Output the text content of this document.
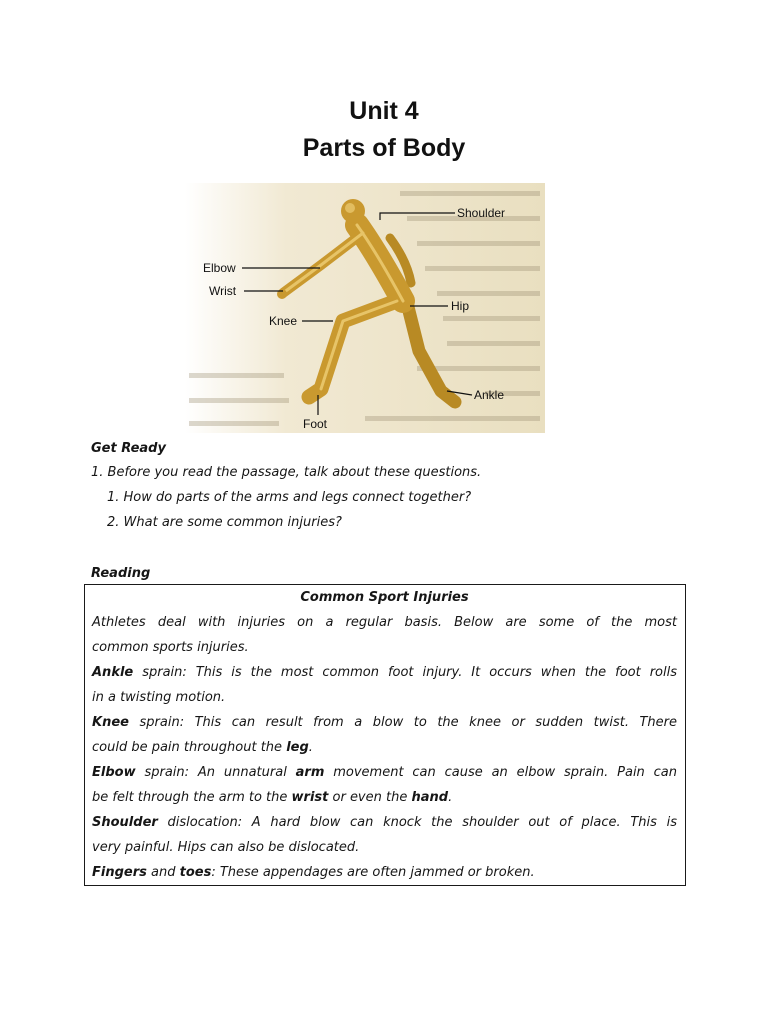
Unit 4
Parts of Body
Shoulder
Elbow
Wrist
Knee
Hip
Ankle
Foot
Get Ready
1. Before you read the passage, talk about these questions.
1. How do parts of the arms and legs connect together?
2. What are some common injuries?
Reading
Common Sport Injuries
Athletes deal with injuries on a regular basis. Below are some of the most
common sports injuries.
Ankle sprain: This is the most common foot injury. It occurs when the foot rolls
in a twisting motion.
Knee sprain: This can result from a blow to the knee or sudden twist. There
could be pain throughout the leg.
Elbow sprain: An unnatural arm movement can cause an elbow sprain. Pain can
be felt through the arm to the wrist or even the hand.
Shoulder dislocation: A hard blow can knock the shoulder out of place. This is
very painful. Hips can also be dislocated.
Fingers and toes: These appendages are often jammed or broken.
